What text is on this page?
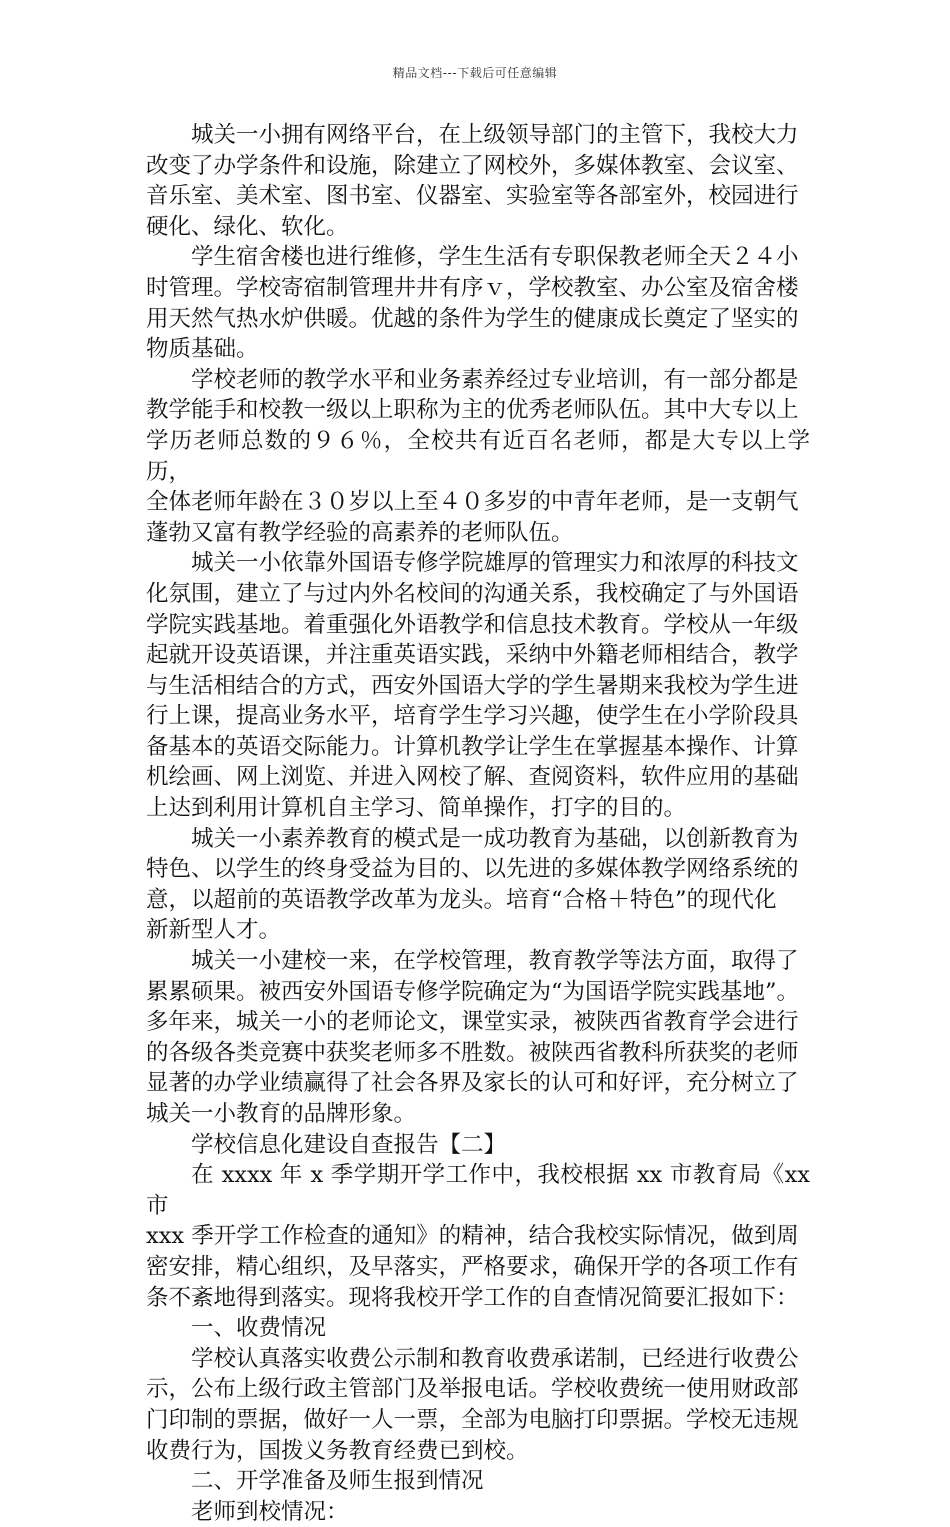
精品文档---下载后可任意编辑

城关一小拥有网络平台，在上级领导部门的主管下，我校大力
改变了办学条件和设施，除建立了网校外，多媒体教室、会议室、
音乐室、美术室、图书室、仪器室、实验室等各部室外，校园进行
硬化、绿化、软化。

学生宿舍楼也进行维修，学生生活有专职保教老师全天２４小
时管理。学校寄宿制管理井井有序ｖ，学校教室、办公室及宿舍楼
用天然气热水炉供暖。优越的条件为学生的健康成长奠定了坚实的
物质基础。

学校老师的教学水平和业务素养经过专业培训，有一部分都是
教学能手和校教一级以上职称为主的优秀老师队伍。其中大专以上
学历老师总数的９６％，全校共有近百名老师，都是大专以上学历，
全体老师年龄在３０岁以上至４０多岁的中青年老师，是一支朝气
蓬勃又富有教学经验的高素养的老师队伍。

城关一小依靠外国语专修学院雄厚的管理实力和浓厚的科技文
化氛围，建立了与过内外名校间的沟通关系，我校确定了与外国语
学院实践基地。着重强化外语教学和信息技术教育。学校从一年级
起就开设英语课，并注重英语实践，采纳中外籍老师相结合，教学
与生活相结合的方式，西安外国语大学的学生暑期来我校为学生进
行上课，提高业务水平，培育学生学习兴趣，使学生在小学阶段具
备基本的英语交际能力。计算机教学让学生在掌握基本操作、计算
机绘画、网上浏览、并进入网校了解、查阅资料，软件应用的基础
上达到利用计算机自主学习、简单操作，打字的目的。

城关一小素养教育的模式是一成功教育为基础，以创新教育为
特色、以学生的终身受益为目的、以先进的多媒体教学网络系统的
意，以超前的英语教学改革为龙头。培育“合格＋特色”的现代化
新新型人才。

城关一小建校一来，在学校管理，教育教学等法方面，取得了
累累硕果。被西安外国语专修学院确定为“为国语学院实践基地”。
多年来，城关一小的老师论文，课堂实录，被陕西省教育学会进行
的各级各类竞赛中获奖老师多不胜数。被陕西省教科所获奖的老师
显著的办学业绩赢得了社会各界及家长的认可和好评，充分树立了
城关一小教育的品牌形象。

学校信息化建设自查报告【二】

在 xxxx 年 x 季学期开学工作中，我校根据 xx 市教育局《xx 市
xxx 季开学工作检查的通知》的精神，结合我校实际情况，做到周
密安排，精心组织，及早落实，严格要求，确保开学的各项工作有
条不紊地得到落实。现将我校开学工作的自查情况简要汇报如下：

一、收费情况

学校认真落实收费公示制和教育收费承诺制，已经进行收费公
示，公布上级行政主管部门及举报电话。学校收费统一使用财政部
门印制的票据，做好一人一票，全部为电脑打印票据。学校无违规
收费行为，国拨义务教育经费已到校。

二、开学准备及师生报到情况

老师到校情况：
